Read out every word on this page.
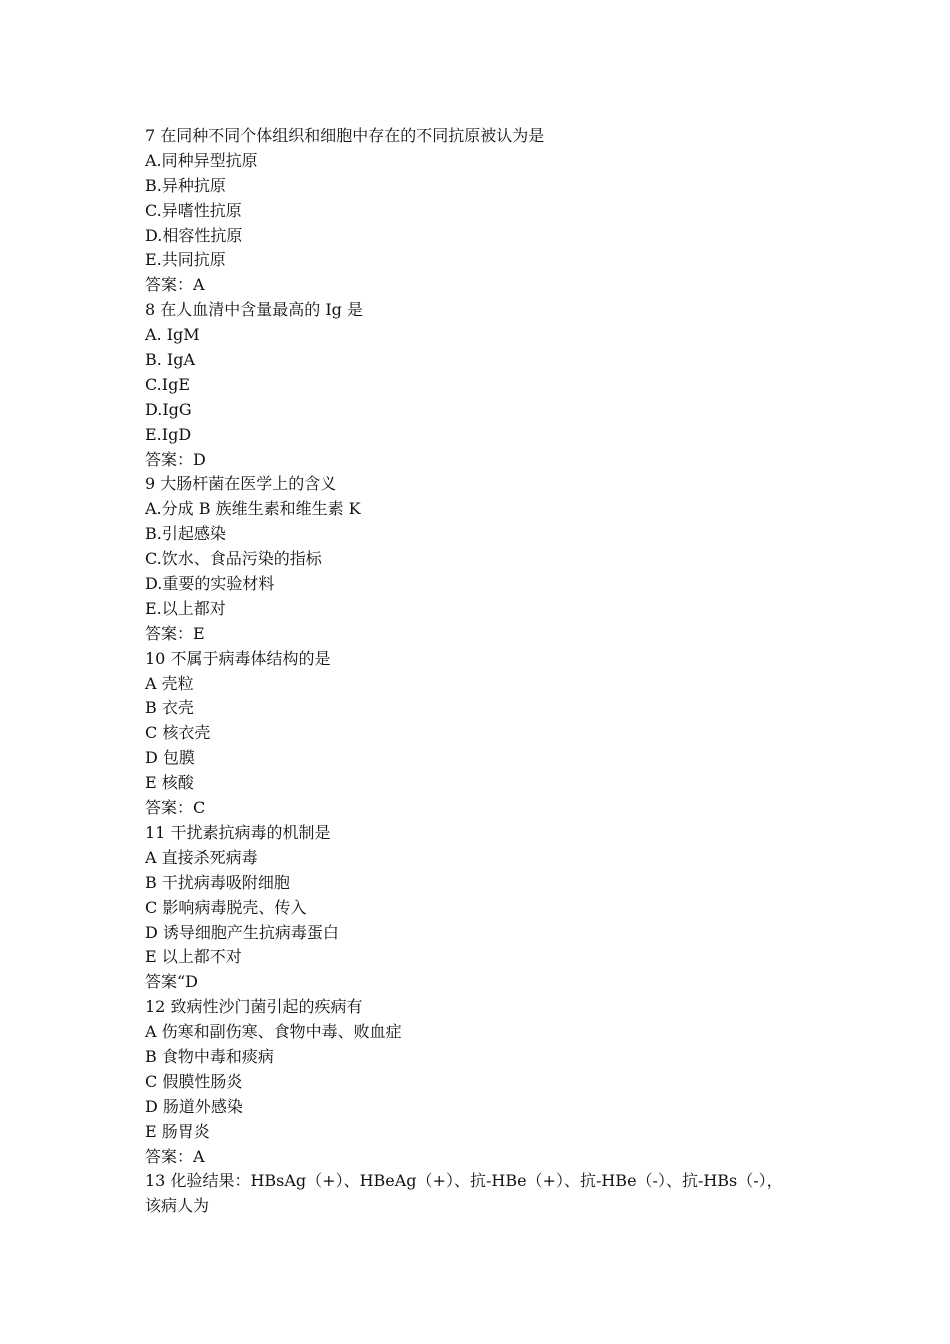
7 在同种不同个体组织和细胞中存在的不同抗原被认为是
A.同种异型抗原
B.异种抗原
C.异嗜性抗原
D.相容性抗原
E.共同抗原
答案：A
8 在人血清中含量最高的 Ig 是
A. IgM
B. IgA
C.IgE
D.IgG
E.IgD
答案：D
9 大肠杆菌在医学上的含义
A.分成 B 族维生素和维生素 K
B.引起感染
C.饮水、食品污染的指标
D.重要的实验材料
E.以上都对
答案：E
10 不属于病毒体结构的是
A 壳粒
B 衣壳
C 核衣壳
D 包膜
E 核酸
答案：C
11 干扰素抗病毒的机制是
A 直接杀死病毒
B 干扰病毒吸附细胞
C 影响病毒脱壳、传入
D 诱导细胞产生抗病毒蛋白
E 以上都不对
答案“D
12 致病性沙门菌引起的疾病有
A 伤寒和副伤寒、食物中毒、败血症
B 食物中毒和痰病
C 假膜性肠炎
D 肠道外感染
E 肠胃炎
答案：A
13 化验结果：HBsAg（+）、HBeAg（+）、抗-HBe（+）、抗-HBe（-）、抗-HBs（-），
该病人为
